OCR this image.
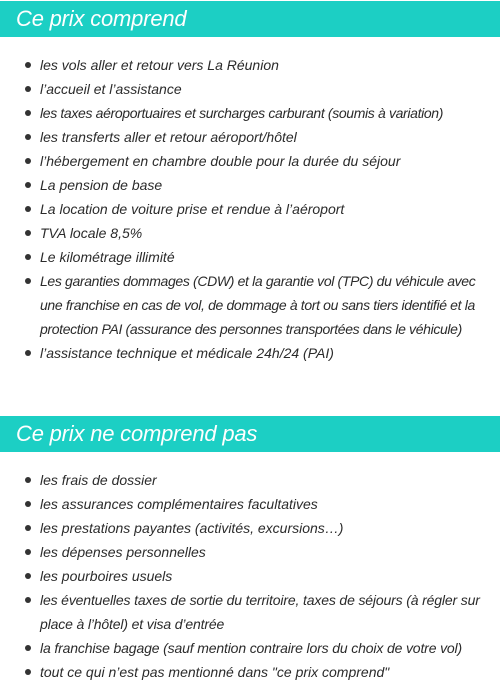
Ce prix comprend
les vols aller et retour vers La Réunion
l’accueil et l’assistance
les taxes aéroportuaires et surcharges carburant (soumis à variation)
les transferts aller et retour aéroport/hôtel
l’hébergement en chambre double pour la durée du séjour
La pension de base
La location de voiture prise et rendue à l’aéroport
TVA locale 8,5%
Le kilométrage illimité
Les garanties dommages (CDW) et la garantie vol (TPC) du véhicule avec une franchise en cas de vol, de dommage à tort ou sans tiers identifié et la protection PAI (assurance des personnes transportées dans le véhicule)
l’assistance technique et médicale 24h/24 (PAI)
Ce prix ne comprend pas
les frais de dossier
les assurances complémentaires facultatives
les prestations payantes (activités, excursions…)
les dépenses personnelles
les pourboires usuels
les éventuelles taxes de sortie du territoire, taxes de séjours (à régler sur place à l’hôtel) et visa d’entrée
la franchise bagage (sauf mention contraire lors du choix de votre vol)
tout ce qui n’est pas mentionné dans "ce prix comprend"
